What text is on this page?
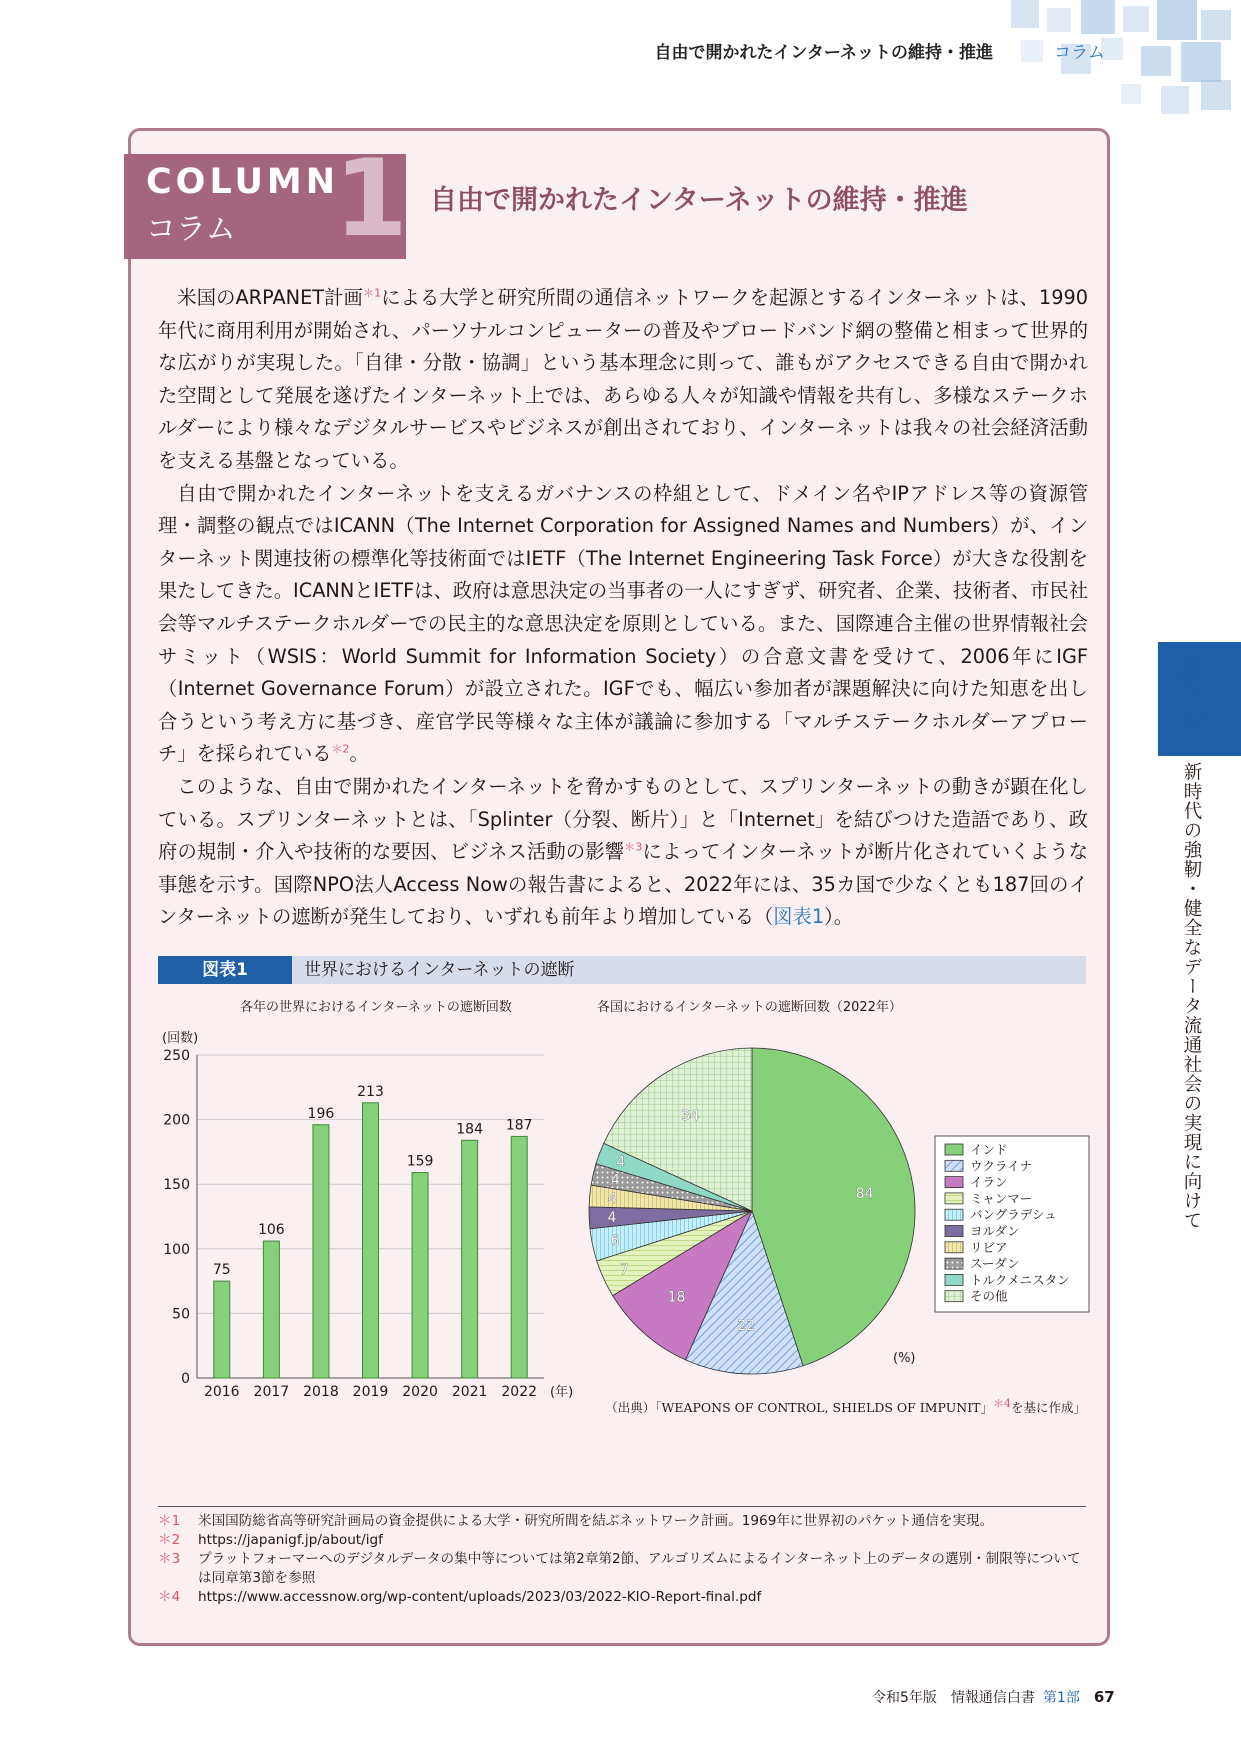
自由で開かれたインターネットの維持・推進	コラム
COLUMN
コラム 1 自由で開かれたインターネットの維持・推進

米国のARPANET計画$^{*1}$による大学と研究所間の通信ネットワークを起源とするインターネットは、1990年代に商用利用が開始され、パーソナルコンピューターの普及やブロードバンド網の整備と相まって世界的な広がりが実現した。「自律・分散・協調」という基本理念に則って、誰もがアクセスできる自由で開かれた空間として発展を遂げたインターネット上では、あらゆる人々が知識や情報を共有し、多様なステークホルダーにより様々なデジタルサービスやビジネスが創出されており、インターネットは我々の社会経済活動を支える基盤となっている。

自由で開かれたインターネットを支えるガバナンスの枠組として、ドメイン名やIPアドレス等の資源管理・調整の観点ではICANN（The Internet Corporation for Assigned Names and Numbers）が、インターネット関連技術の標準化等技術面ではIETF（The Internet Engineering Task Force）が大きな役割を果たしてきた。ICANNとIETFは、政府は意思決定の当事者の一人にすぎず、研究者、企業、技術者、市民社会等マルチステークホルダーでの民主的な意思決定を原則としている。また、国際連合主催の世界情報社会サミット（WSIS：World Summit for Information Society）の合意文書を受けて、2006年にIGF（Internet Governance Forum）が設立された。IGFでも、幅広い参加者が課題解決に向けた知恵を出し合うという考え方に基づき、産官学民等様々な主体が議論に参加する「マルチステークホルダーアプローチ」を採られている$^{*2}$。

このような、自由で開かれたインターネットを脅かすものとして、スプリンターネットの動きが顕在化している。スプリンターネットとは、「Splinter（分裂、断片）」と「Internet」を結びつけた造語であり、政府の規制・介入や技術的な要因、ビジネス活動の影響$^{*3}$によってインターネットが断片化されていくような事態を示す。国際NPO法人Access Nowの報告書によると、2022年には、35カ国で少なくとも187回のインターネットの遮断が発生しており、いずれも前年より増加している（図表1）。

図表1	世界におけるインターネットの遮断
各年の世界におけるインターネットの遮断回数	各国におけるインターネットの遮断回数（2022年）
0
50
100
150
200
250
(回数)
75
2016
106
2017
196
2018
213
2019
159
2020
184
2021
187
2022 (年)
84
22
18
7
6
4
4
4
4
34
(%)
インド
ウクライナ
イラン
ミャンマー
バングラデシュ
ヨルダン
リビア
スーダン
トルクメニスタン
その他
（出典）「WEAPONS OF CONTROL, SHIELDS OF IMPUNIT」＊4を基に作成」
＊1	米国国防総省高等研究計画局の資金提供による大学・研究所間を結ぶネットワーク計画。1969年に世界初のパケット通信を実現。
＊2	https://japanigf.jp/about/igf
＊3	プラットフォーマーへのデジタルデータの集中等については第2章第2節、アルゴリズムによるインターネット上のデータの選別・制限等については同章第3節を参照
＊4	https://www.accessnow.org/wp-content/uploads/2023/03/2022-KIO-Report-final.pdf
第
3
章
新時代の強靭・健全なデータ流通社会の実現に向けて
令和5年版　情報通信白書 第1部 67
